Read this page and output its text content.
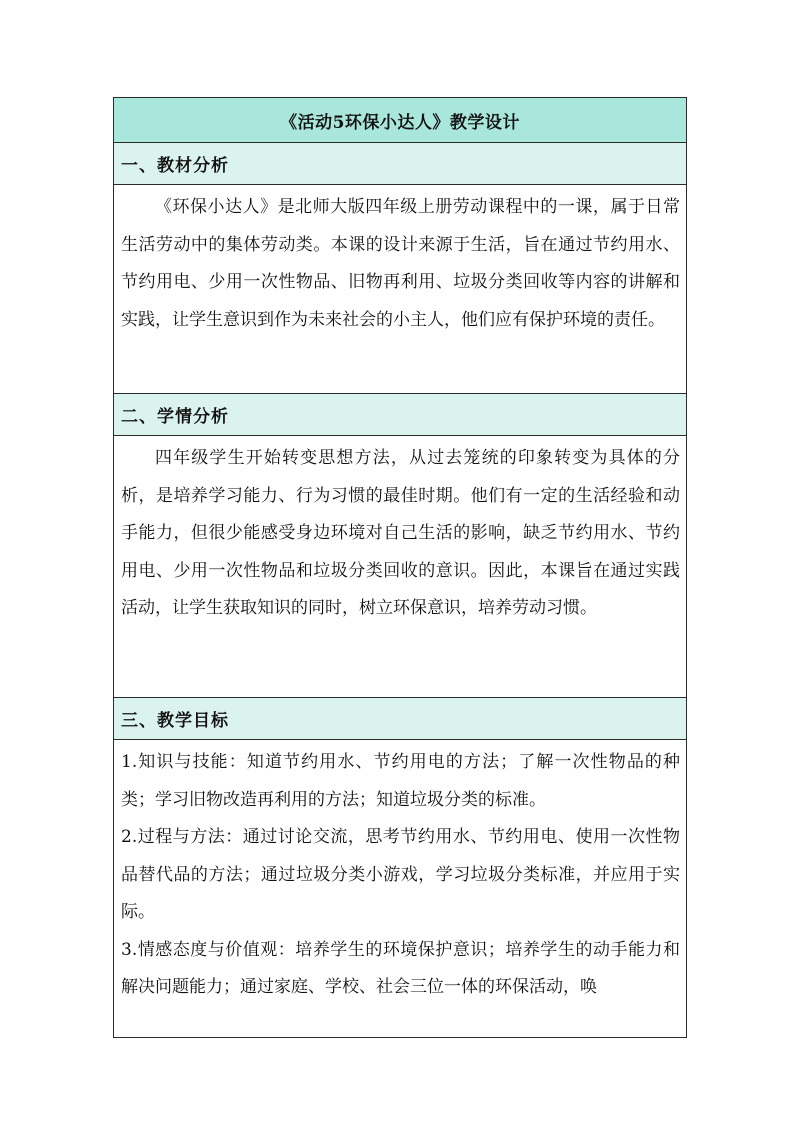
《活动5环保小达人》教学设计
一、教材分析

《环保小达人》是北师大版四年级上册劳动课程中的一课，属于日常生活劳动中的集体劳动类。本课的设计来源于生活，旨在通过节约用水、节约用电、少用一次性物品、旧物再利用、垃圾分类回收等内容的讲解和实践，让学生意识到作为未来社会的小主人，他们应有保护环境的责任。

二、学情分析

四年级学生开始转变思想方法，从过去笼统的印象转变为具体的分析，是培养学习能力、行为习惯的最佳时期。他们有一定的生活经验和动手能力，但很少能感受身边环境对自己生活的影响，缺乏节约用水、节约用电、少用一次性物品和垃圾分类回收的意识。因此，本课旨在通过实践活动，让学生获取知识的同时，树立环保意识，培养劳动习惯。

三、教学目标

1.知识与技能：知道节约用水、节约用电的方法；了解一次性物品的种类；学习旧物改造再利用的方法；知道垃圾分类的标准。

2.过程与方法：通过讨论交流，思考节约用水、节约用电、使用一次性物品替代品的方法；通过垃圾分类小游戏，学习垃圾分类标准，并应用于实际。

3.情感态度与价值观：培养学生的环境保护意识；培养学生的动手能力和解决问题能力；通过家庭、学校、社会三位一体的环保活动，唤
